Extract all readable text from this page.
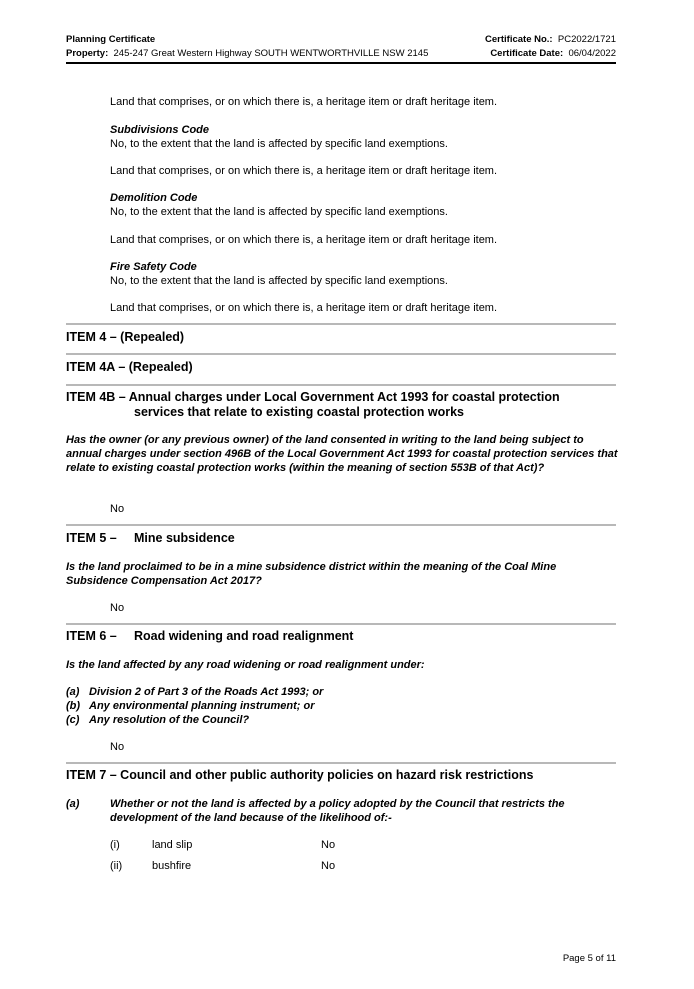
Planning Certificate
Property: 245-247 Great Western Highway SOUTH WENTWORTHVILLE NSW 2145
Certificate No.: PC2022/1721
Certificate Date: 06/04/2022
Land that comprises, or on which there is, a heritage item or draft heritage item.
Subdivisions Code
No, to the extent that the land is affected by specific land exemptions.
Land that comprises, or on which there is, a heritage item or draft heritage item.
Demolition Code
No, to the extent that the land is affected by specific land exemptions.
Land that comprises, or on which there is, a heritage item or draft heritage item.
Fire Safety Code
No, to the extent that the land is affected by specific land exemptions.
Land that comprises, or on which there is, a heritage item or draft heritage item.
ITEM 4 – (Repealed)
ITEM 4A – (Repealed)
ITEM 4B – Annual charges under Local Government Act 1993 for coastal protection
services that relate to existing coastal protection works
Has the owner (or any previous owner) of the land consented in writing to the land being subject to annual charges under section 496B of the Local Government Act 1993 for coastal protection services that relate to existing coastal protection works (within the meaning of section 553B of that Act)?
No
ITEM 5 – Mine subsidence
Is the land proclaimed to be in a mine subsidence district within the meaning of the Coal Mine Subsidence Compensation Act 2017?
No
ITEM 6 – Road widening and road realignment
Is the land affected by any road widening or road realignment under:
(a) Division 2 of Part 3 of the Roads Act 1993; or
(b) Any environmental planning instrument; or
(c) Any resolution of the Council?
No
ITEM 7 – Council and other public authority policies on hazard risk restrictions
(a)	Whether or not the land is affected by a policy adopted by the Council that restricts the development of the land because of the likelihood of:-
(i)	land slip	No
(ii)	bushfire	No
Page 5 of 11
